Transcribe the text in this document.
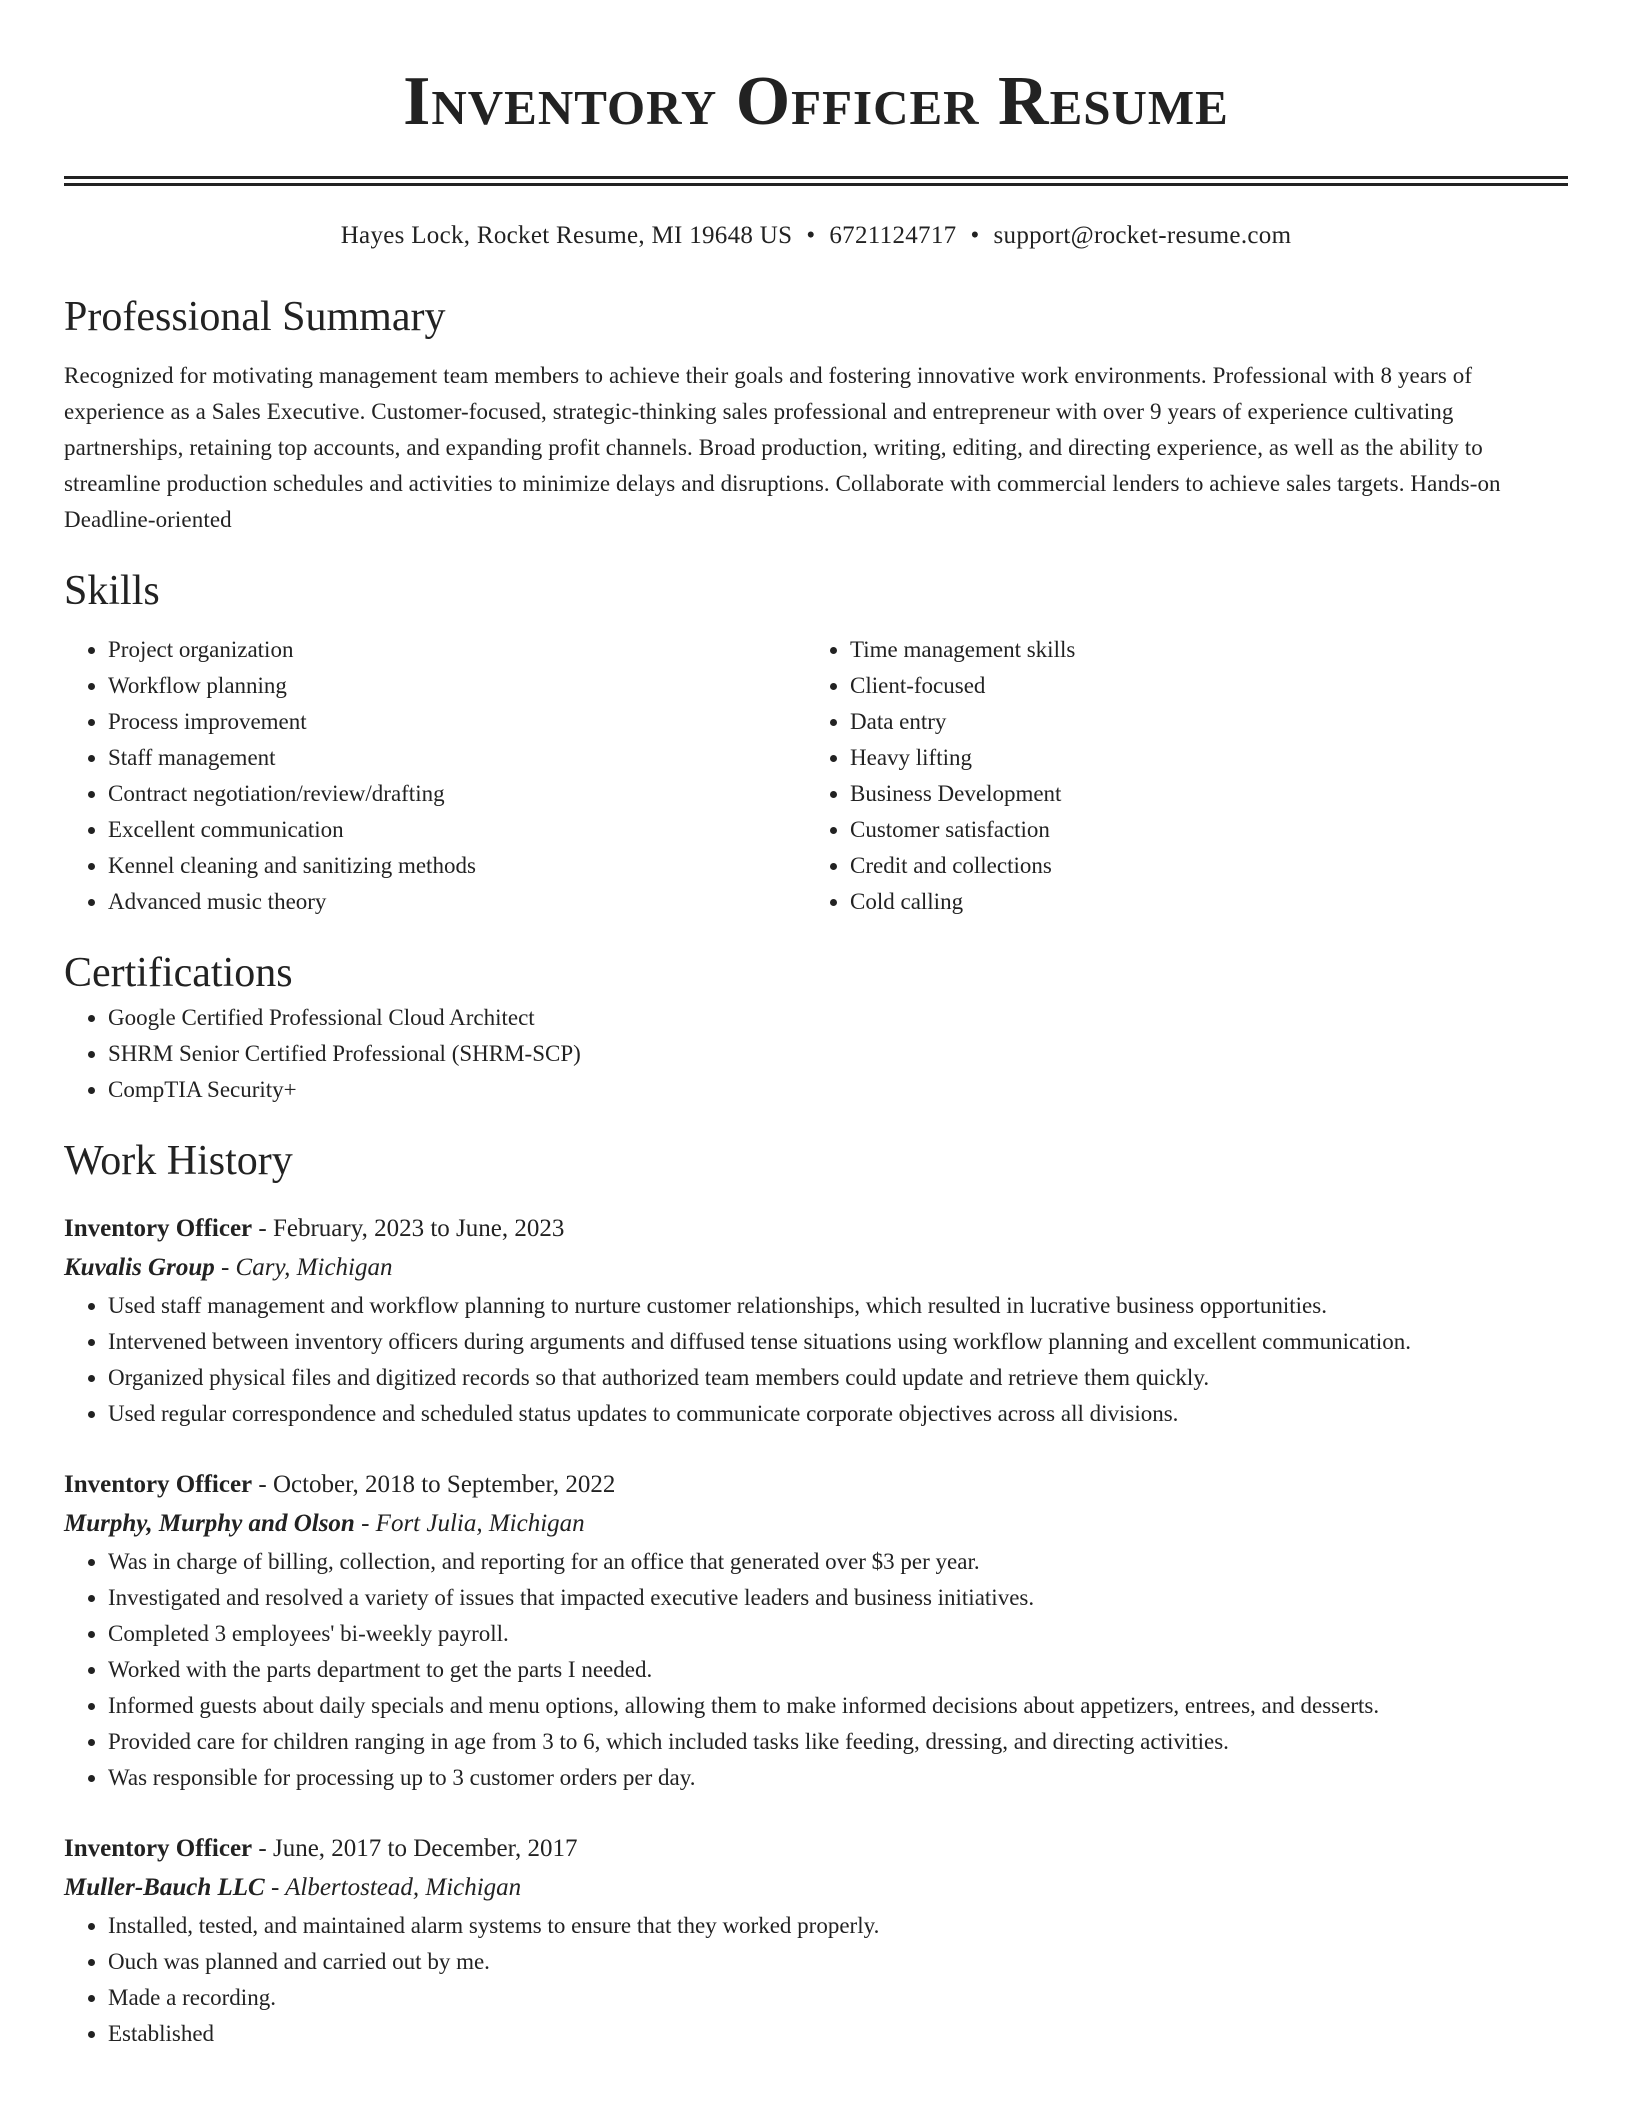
Inventory Officer Resume
Hayes Lock, Rocket Resume, MI 19648 US • 6721124717 • support@rocket-resume.com
Professional Summary
Recognized for motivating management team members to achieve their goals and fostering innovative work environments. Professional with 8 years of experience as a Sales Executive. Customer-focused, strategic-thinking sales professional and entrepreneur with over 9 years of experience cultivating partnerships, retaining top accounts, and expanding profit channels. Broad production, writing, editing, and directing experience, as well as the ability to streamline production schedules and activities to minimize delays and disruptions. Collaborate with commercial lenders to achieve sales targets. Hands-on Deadline-oriented
Skills
• Project organization
• Workflow planning
• Process improvement
• Staff management
• Contract negotiation/review/drafting
• Excellent communication
• Kennel cleaning and sanitizing methods
• Advanced music theory
• Time management skills
• Client-focused
• Data entry
• Heavy lifting
• Business Development
• Customer satisfaction
• Credit and collections
• Cold calling
Certifications
• Google Certified Professional Cloud Architect
• SHRM Senior Certified Professional (SHRM-SCP)
• CompTIA Security+
Work History
Inventory Officer - February, 2023 to June, 2023
Kuvalis Group - Cary, Michigan
• Used staff management and workflow planning to nurture customer relationships, which resulted in lucrative business opportunities.
• Intervened between inventory officers during arguments and diffused tense situations using workflow planning and excellent communication.
• Organized physical files and digitized records so that authorized team members could update and retrieve them quickly.
• Used regular correspondence and scheduled status updates to communicate corporate objectives across all divisions.
Inventory Officer - October, 2018 to September, 2022
Murphy, Murphy and Olson - Fort Julia, Michigan
• Was in charge of billing, collection, and reporting for an office that generated over $3 per year.
• Investigated and resolved a variety of issues that impacted executive leaders and business initiatives.
• Completed 3 employees' bi-weekly payroll.
• Worked with the parts department to get the parts I needed.
• Informed guests about daily specials and menu options, allowing them to make informed decisions about appetizers, entrees, and desserts.
• Provided care for children ranging in age from 3 to 6, which included tasks like feeding, dressing, and directing activities.
• Was responsible for processing up to 3 customer orders per day.
Inventory Officer - June, 2017 to December, 2017
Muller-Bauch LLC - Albertostead, Michigan
• Installed, tested, and maintained alarm systems to ensure that they worked properly.
• Ouch was planned and carried out by me.
• Made a recording.
• Established
